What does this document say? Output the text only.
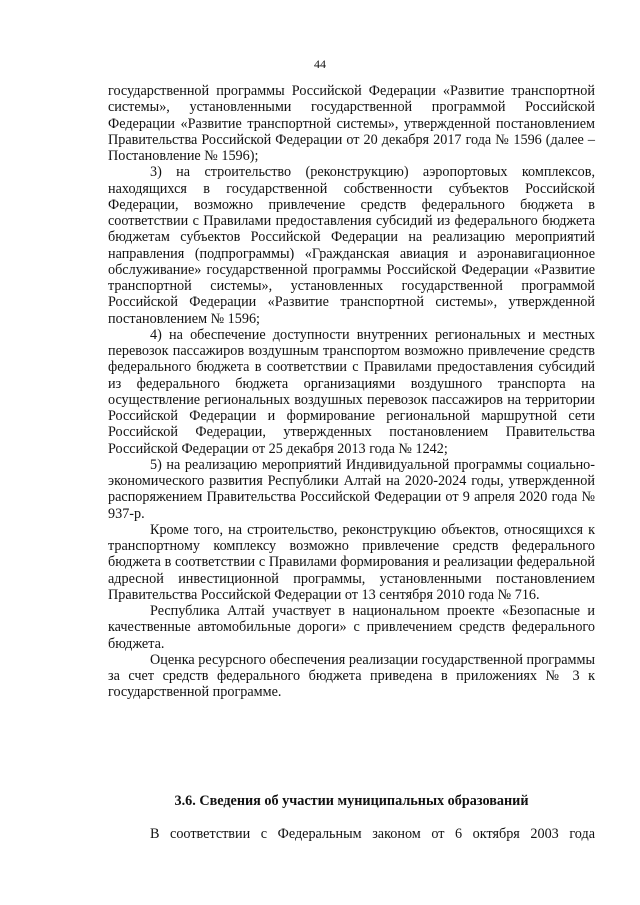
44

государственной программы Российской Федерации «Развитие транспортной системы», установленными государственной программой Российской Федерации «Развитие транспортной системы», утвержденной постановлением Правительства Российской Федерации от 20 декабря 2017 года № 1596 (далее – Постановление № 1596);

3) на строительство (реконструкцию) аэропортовых комплексов, находящихся в государственной собственности субъектов Российской Федерации, возможно привлечение средств федерального бюджета в соответствии с Правилами предоставления субсидий из федерального бюджета бюджетам субъектов Российской Федерации на реализацию мероприятий направления (подпрограммы) «Гражданская авиация и аэронавигационное обслуживание» государственной программы Российской Федерации «Развитие транспортной системы», установленных государственной программой Российской Федерации «Развитие транспортной системы», утвержденной постановлением № 1596;

4) на обеспечение доступности внутренних региональных и местных перевозок пассажиров воздушным транспортом возможно привлечение средств федерального бюджета в соответствии с Правилами предоставления субсидий из федерального бюджета организациями воздушного транспорта на осуществление региональных воздушных перевозок пассажиров на территории Российской Федерации и формирование региональной маршрутной сети Российской Федерации, утвержденных постановлением Правительства Российской Федерации от 25 декабря 2013 года № 1242;

5) на реализацию мероприятий Индивидуальной программы социально-экономического развития Республики Алтай на 2020-2024 годы, утвержденной распоряжением Правительства Российской Федерации от 9 апреля 2020 года № 937-р.

Кроме того, на строительство, реконструкцию объектов, относящихся к транспортному комплексу возможно привлечение средств федерального бюджета в соответствии с Правилами формирования и реализации федеральной адресной инвестиционной программы, установленными постановлением Правительства Российской Федерации от 13 сентября 2010 года № 716.

Республика Алтай участвует в национальном проекте «Безопасные и качественные автомобильные дороги» с привлечением средств федерального бюджета.

Оценка ресурсного обеспечения реализации государственной программы за счет средств федерального бюджета приведена в приложениях № 3 к государственной программе.

3.6. Сведения об участии муниципальных образований

В соответствии с Федеральным законом от 6 октября 2003 года
